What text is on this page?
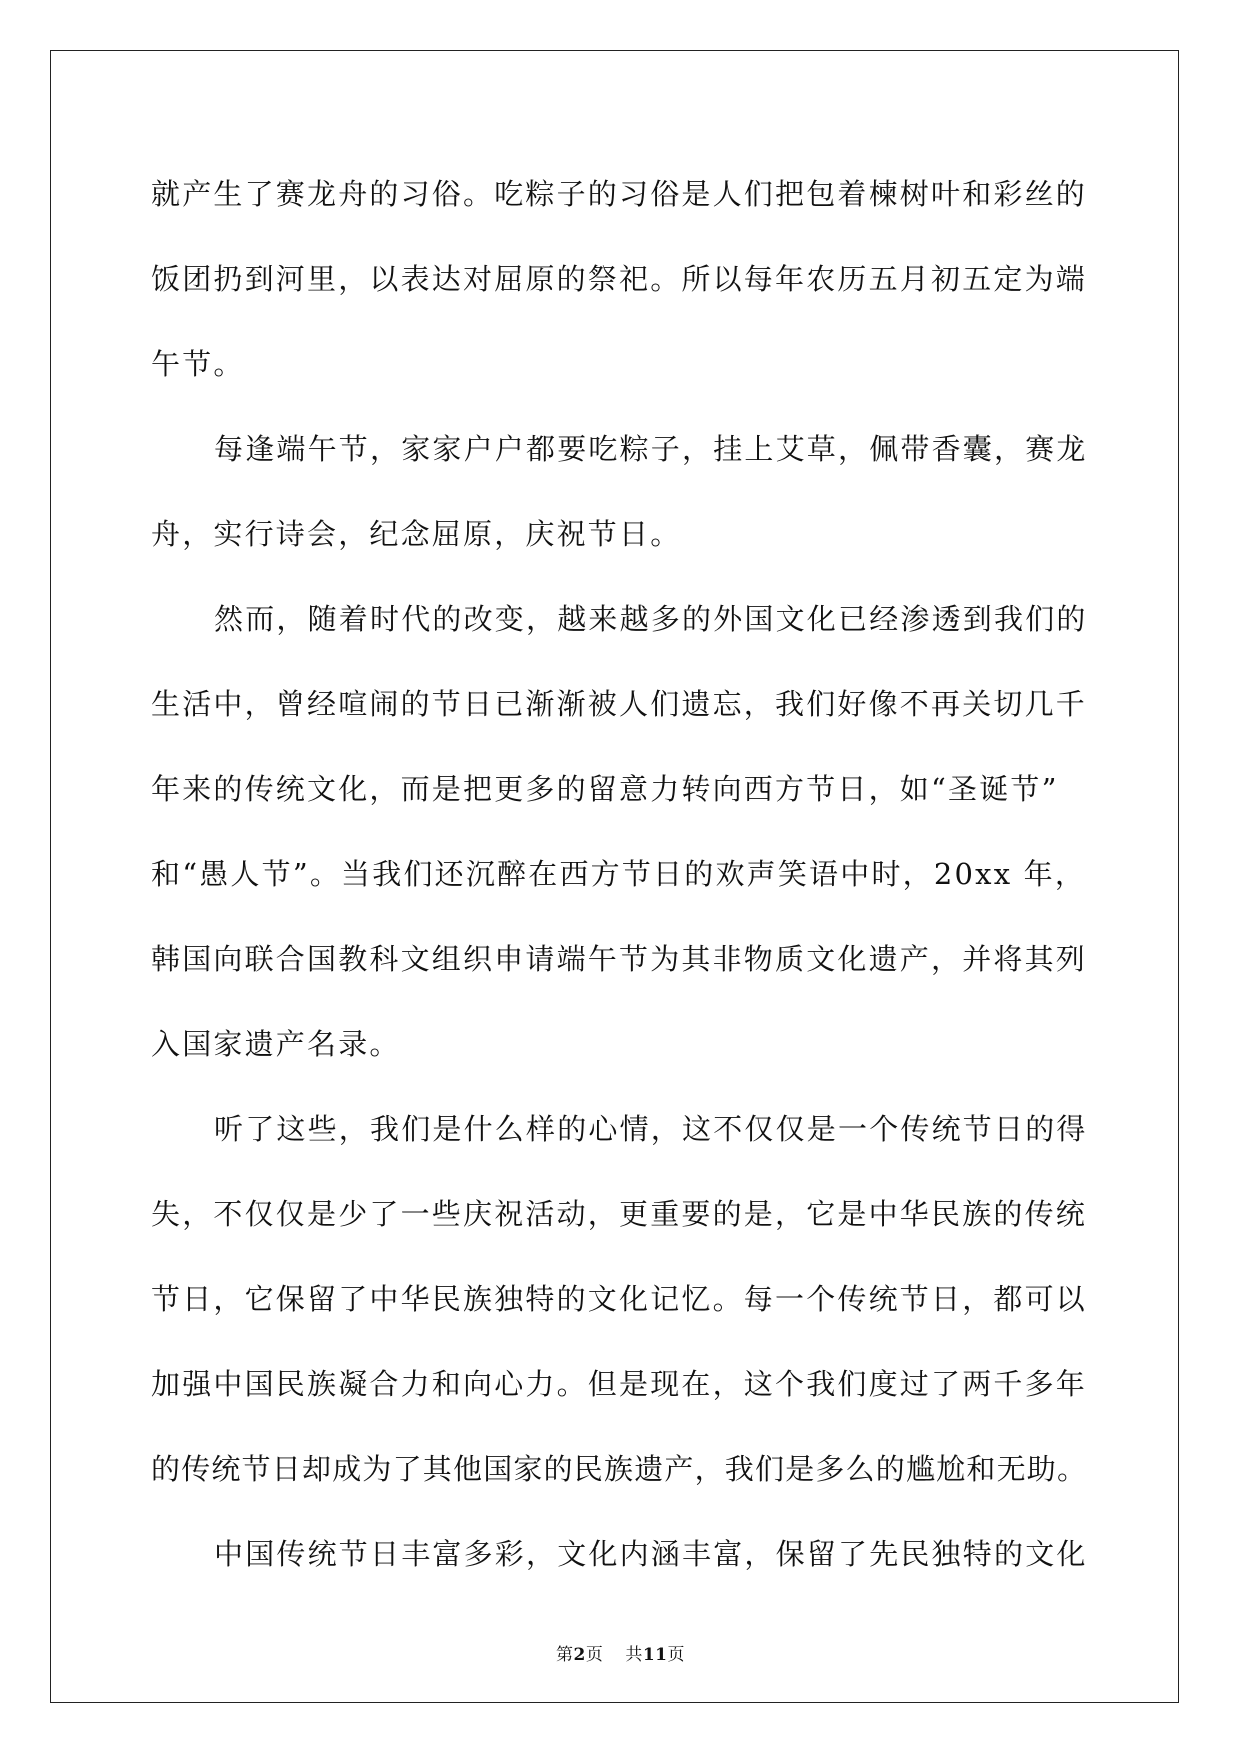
就产生了赛龙舟的习俗。吃粽子的习俗是人们把包着楝树叶和彩丝的
饭团扔到河里，以表达对屈原的祭祀。所以每年农历五月初五定为端
午节。
每逢端午节，家家户户都要吃粽子，挂上艾草，佩带香囊，赛龙
舟，实行诗会，纪念屈原，庆祝节日。
然而，随着时代的改变，越来越多的外国文化已经渗透到我们的
生活中，曾经喧闹的节日已渐渐被人们遗忘，我们好像不再关切几千
年来的传统文化，而是把更多的留意力转向西方节日，如“圣诞节”
和“愚人节”。当我们还沉醉在西方节日的欢声笑语中时，20xx 年，
韩国向联合国教科文组织申请端午节为其非物质文化遗产，并将其列
入国家遗产名录。
听了这些，我们是什么样的心情，这不仅仅是一个传统节日的得
失，不仅仅是少了一些庆祝活动，更重要的是，它是中华民族的传统
节日，它保留了中华民族独特的文化记忆。每一个传统节日，都可以
加强中国民族凝合力和向心力。但是现在，这个我们度过了两千多年
的传统节日却成为了其他国家的民族遗产，我们是多么的尴尬和无助。
中国传统节日丰富多彩，文化内涵丰富，保留了先民独特的文化
第2页 共11页
